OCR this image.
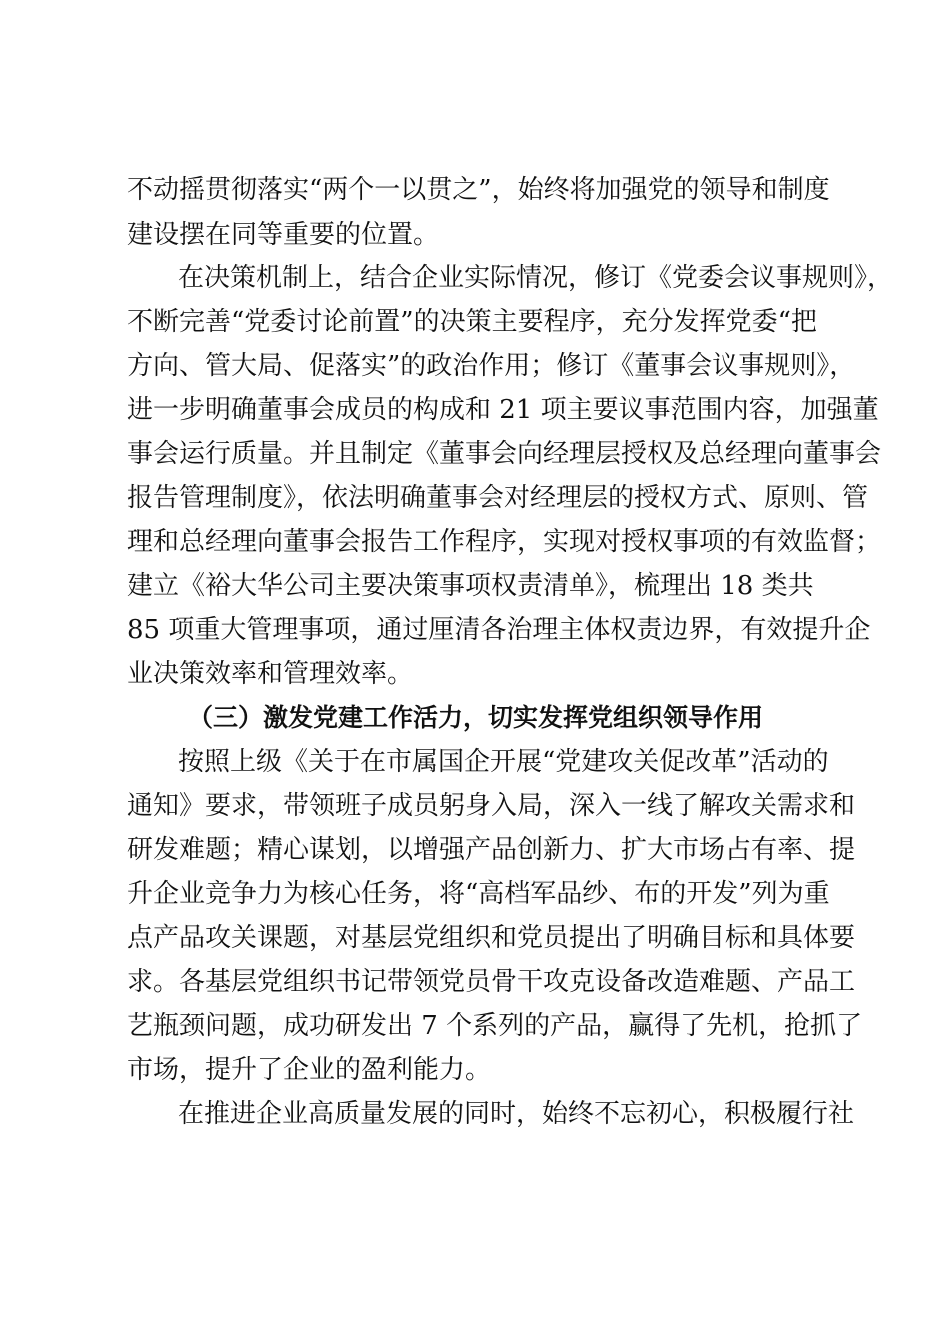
不动摇贯彻落实“两个一以贯之”，始终将加强党的领导和制度
建设摆在同等重要的位置。
在决策机制上，结合企业实际情况，修订《党委会议事规则》，
不断完善“党委讨论前置”的决策主要程序，充分发挥党委“把
方向、管大局、促落实”的政治作用；修订《董事会议事规则》，
进一步明确董事会成员的构成和 21 项主要议事范围内容，加强董
事会运行质量。并且制定《董事会向经理层授权及总经理向董事会
报告管理制度》，依法明确董事会对经理层的授权方式、原则、管
理和总经理向董事会报告工作程序，实现对授权事项的有效监督；
建立《裕大华公司主要决策事项权责清单》，梳理出 18 类共
85 项重大管理事项，通过厘清各治理主体权责边界，有效提升企
业决策效率和管理效率。
（三）激发党建工作活力，切实发挥党组织领导作用
按照上级《关于在市属国企开展“党建攻关促改革”活动的
通知》要求，带领班子成员躬身入局，深入一线了解攻关需求和
研发难题；精心谋划，以增强产品创新力、扩大市场占有率、提
升企业竞争力为核心任务，将“高档军品纱、布的开发”列为重
点产品攻关课题，对基层党组织和党员提出了明确目标和具体要
求。各基层党组织书记带领党员骨干攻克设备改造难题、产品工
艺瓶颈问题，成功研发出 7 个系列的产品，赢得了先机，抢抓了
市场，提升了企业的盈利能力。
在推进企业高质量发展的同时，始终不忘初心，积极履行社
